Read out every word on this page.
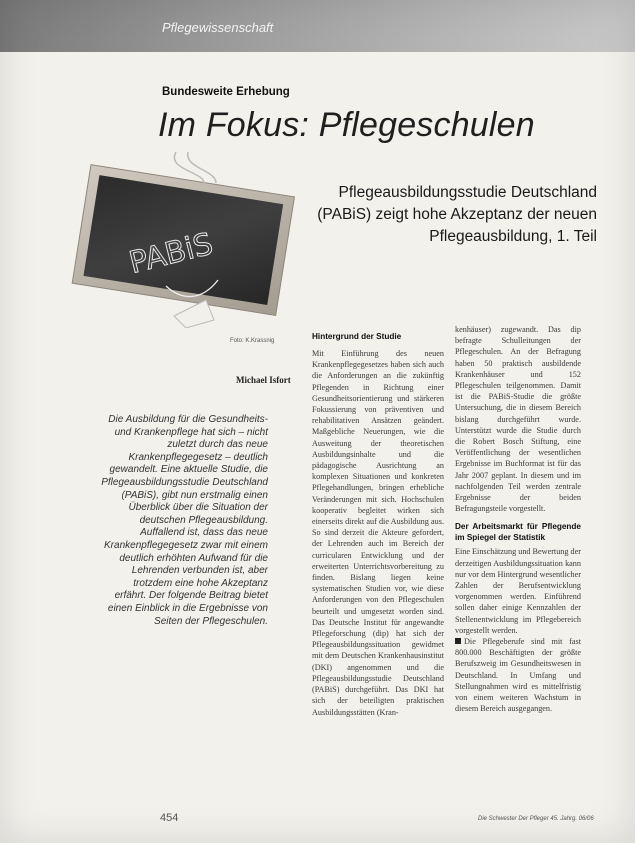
Pflegewissenschaft
Bundesweite Erhebung
Im Fokus: Pflegeschulen
PABiS
Pflegeausbildungsstudie Deutschland (PABiS) zeigt hohe Akzeptanz der neuen Pflegeausbildung, 1. Teil
Foto: K.Krassnig
Michael Isfort
Die Ausbildung für die Gesundheits- und Krankenpflege hat sich – nicht zuletzt durch das neue Krankenpflegegesetz – deutlich gewandelt. Eine aktuelle Studie, die Pflegeausbildungsstudie Deutschland (PABiS), gibt nun erstmalig einen Überblick über die Situation der deutschen Pflegeausbildung. Auffallend ist, dass das neue Krankenpflegegesetz zwar mit einem deutlich erhöhten Aufwand für die Lehrenden verbunden ist, aber trotzdem eine hohe Akzeptanz erfährt. Der folgende Beitrag bietet einen Einblick in die Ergebnisse von Seiten der Pflegeschulen.
Hintergrund der Studie

Mit Einführung des neuen Krankenpflegegesetzes haben sich auch die Anforderungen an die zukünftig Pflegenden in Richtung einer Gesundheitsorientierung und stärkeren Fokussierung von präventiven und rehabilitativen Ansätzen geändert. Maßgebliche Neuerungen, wie die Ausweitung der theoretischen Ausbildungsinhalte und die pädagogische Ausrichtung an komplexen Situationen und konkreten Pflegehandlungen, bringen erhebliche Veränderungen mit sich. Hochschulen kooperativ begleitet wirken sich einerseits direkt auf die Ausbildung aus. So sind derzeit die Akteure gefordert, der Lehrenden auch im Bereich der curricularen Entwicklung und der erweiterten Unterrichtsvorbereitung zu finden. Bislang liegen keine systematischen Studien vor, wie diese Anforderungen von den Pflegeschulen beurteilt und umgesetzt worden sind. Das Deutsche Institut für angewandte Pflegeforschung (dip) hat sich der Pflegeausbildungssituation gewidmet mit dem Deutschen Krankenhausinstitut (DKI) angenommen und die Pflegeausbildungsstudie Deutschland (PABiS) durchgeführt. Das DKI hat sich der beteiligten praktischen Ausbildungsstätten (Kran-

kenhäuser) zugewandt. Das dip befragte Schulleitungen der Pflegeschulen. An der Befragung haben 50 praktisch ausbildende Krankenhäuser und 152 Pflegeschulen teilgenommen. Damit ist die PABiS-Studie die größte Untersuchung, die in diesem Bereich bislang durchgeführt wurde. Unterstützt wurde die Studie durch die Robert Bosch Stiftung, eine Veröffentlichung der wesentlichen Ergebnisse im Buchformat ist für das Jahr 2007 geplant. In diesem und im nachfolgenden Teil werden zentrale Ergebnisse der beiden Befragungsteile vorgestellt.

Der Arbeitsmarkt für Pflegende im Spiegel der Statistik

Eine Einschätzung und Bewertung der derzeitigen Ausbildungssituation kann nur vor dem Hintergrund wesentlicher Zahlen der Berufsentwicklung vorgenommen werden. Einführend sollen daher einige Kennzahlen der Stellenentwicklung im Pflegebereich vorgestellt werden.

Die Pflegeberufe sind mit fast 800.000 Beschäftigten der größte Berufszweig im Gesundheitswesen in Deutschland. In Umfang und Stellungnahmen wird es mittelfristig von einem weiteren Wachstum in diesem Bereich ausgegangen.

454	Die Schwester Der Pfleger 45. Jahrg. 06/06
